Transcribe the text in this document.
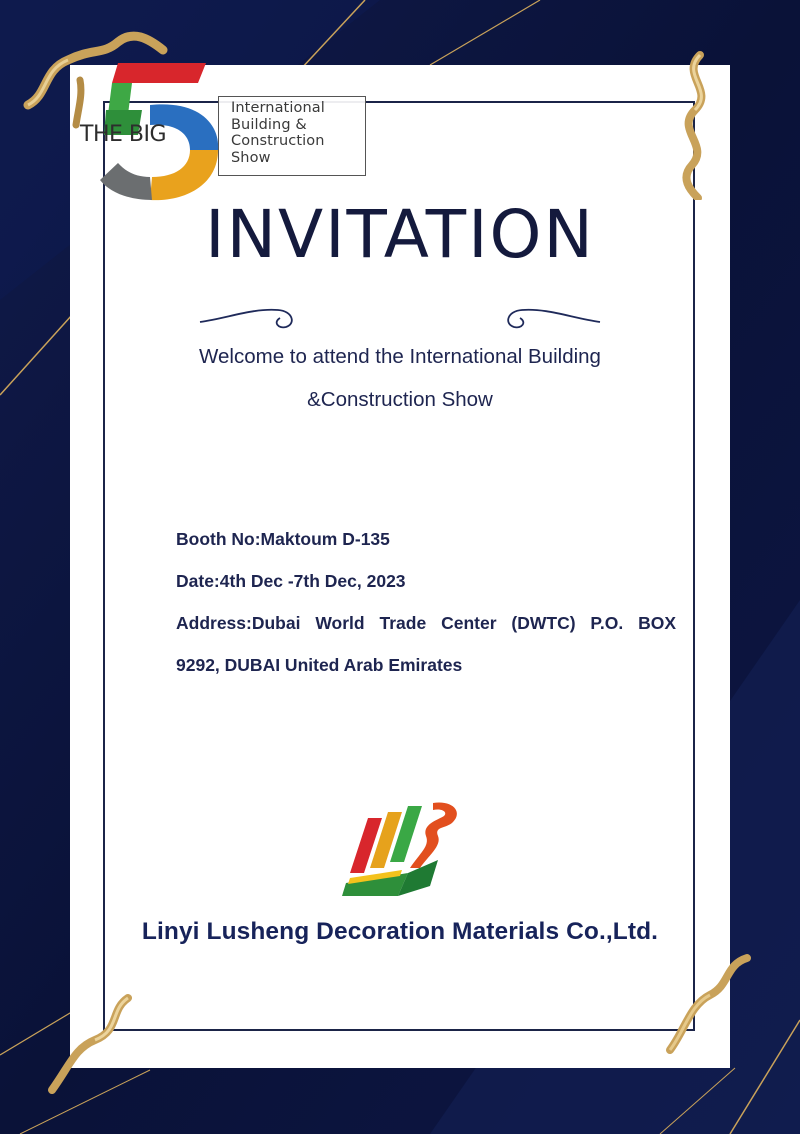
THE BIG
International
Building &
Construction
Show
INVITATION
Welcome to attend the International Building
&Construction Show
Booth No:Maktoum D-135
Date:4th Dec -7th Dec, 2023
Address:Dubai World Trade Center (DWTC) P.O. BOX
9292, DUBAI United Arab Emirates
Linyi Lusheng Decoration Materials Co.,Ltd.
